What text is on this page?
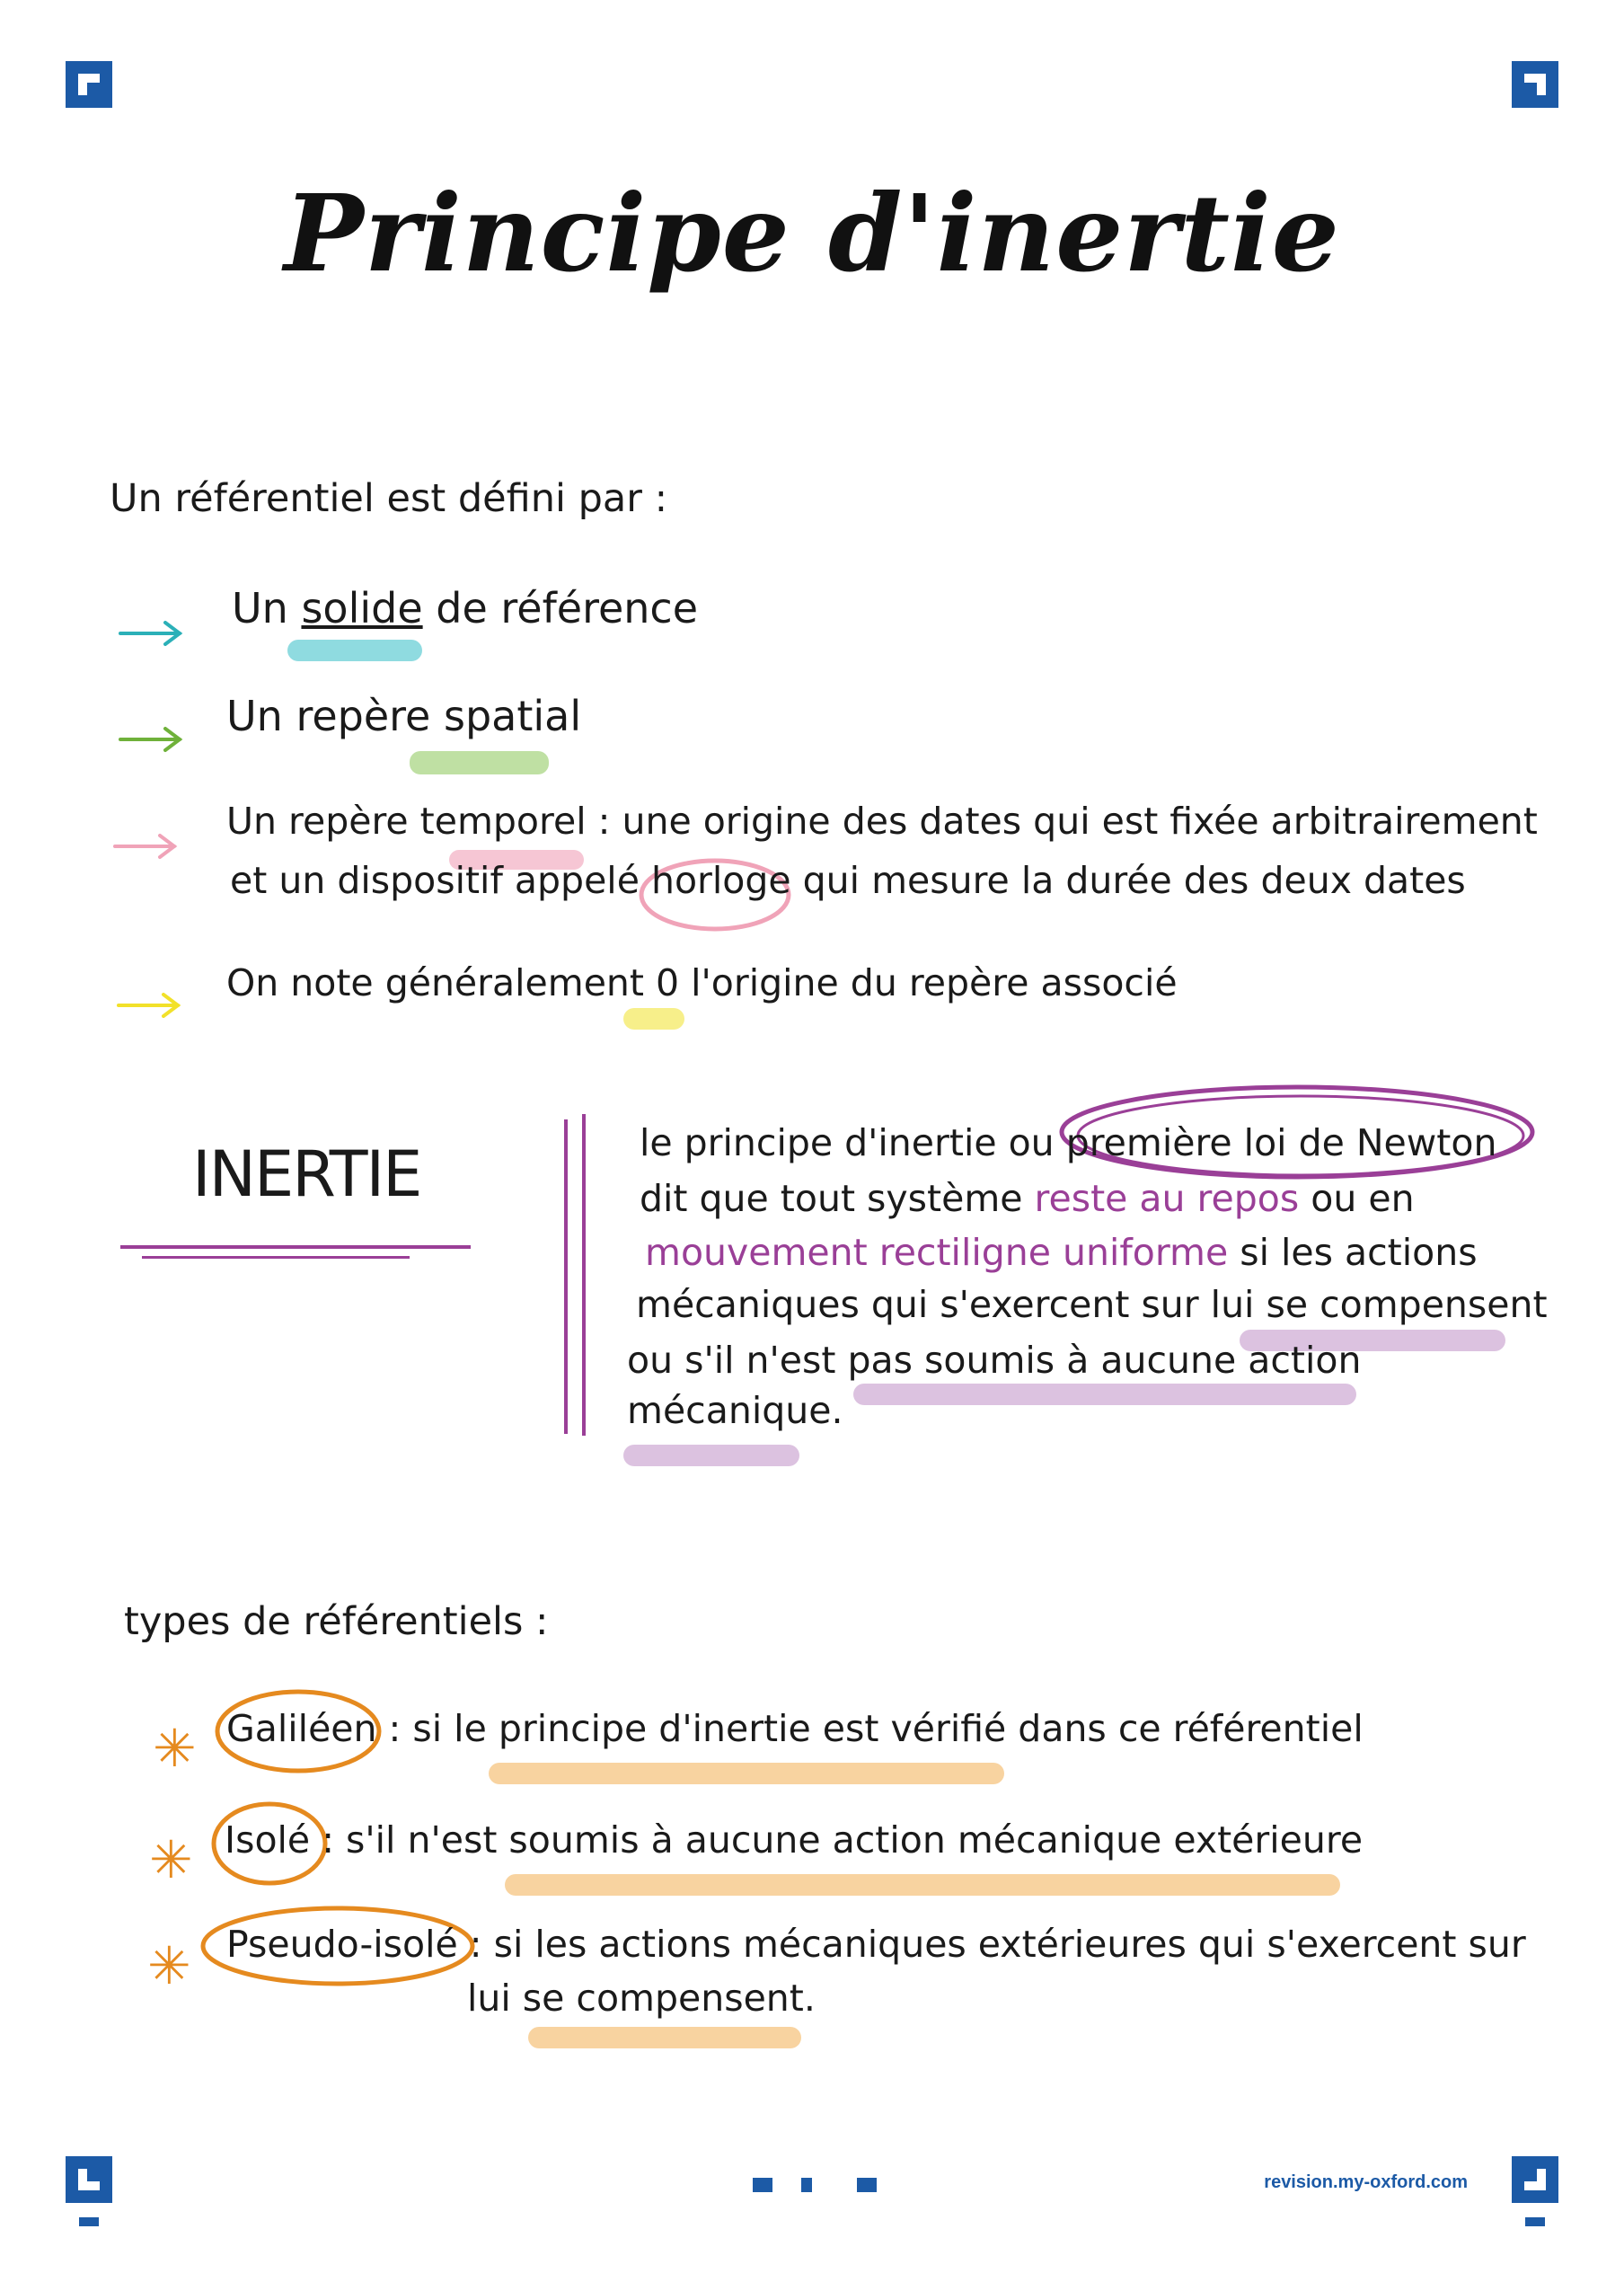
Principe d'inertie
Un référentiel est défini par :
Un solide de référence
Un repère spatial
Un repère temporel : une origine des dates qui est fixée arbitrairement
et un dispositif appelé horloge qui mesure la durée des deux dates
On note généralement 0 l'origine du repère associé
INERTIE	le principe d'inertie ou première loi de Newton
dit que tout système reste au repos ou en
mouvement rectiligne uniforme si les actions
mécaniques qui s'exercent sur lui se compensent
ou s'il n'est pas soumis à aucune action
mécanique.
types de référentiels :
✳ Galiléen : si le principe d'inertie est vérifié dans ce référentiel
✳ Isolé : s'il n'est soumis à aucune action mécanique extérieure
✳ Pseudo-isolé : si les actions mécaniques extérieures qui s'exercent sur
lui se compensent.
revision.my-oxford.com
